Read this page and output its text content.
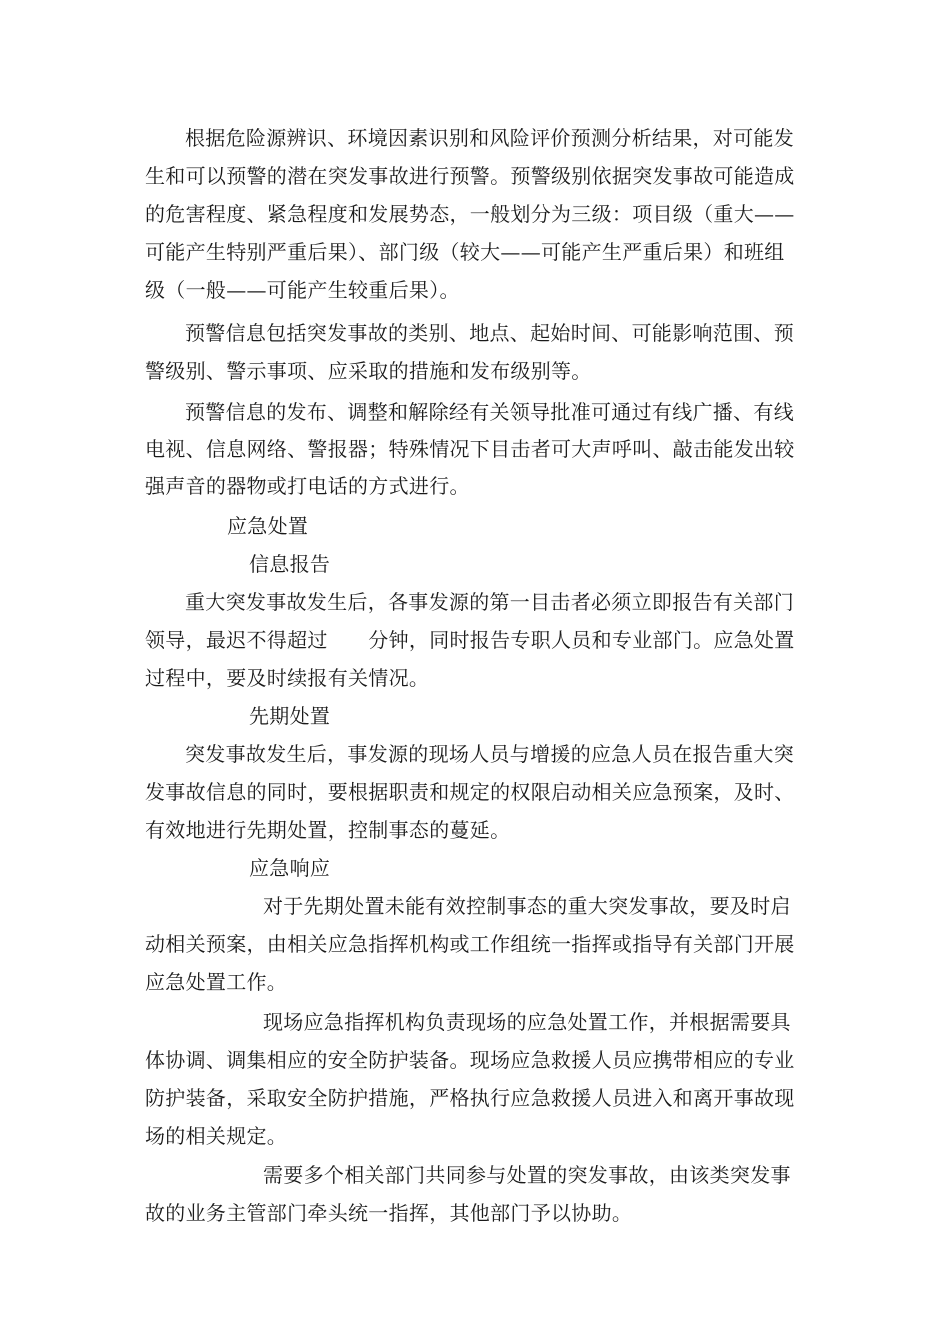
根据危险源辨识、环境因素识别和风险评价预测分析结果，对可能发
生和可以预警的潜在突发事故进行预警。预警级别依据突发事故可能造成
的危害程度、紧急程度和发展势态，一般划分为三级：项目级（重大——
可能产生特别严重后果）、部门级（较大——可能产生严重后果）和班组
级（一般——可能产生较重后果）。
预警信息包括突发事故的类别、地点、起始时间、可能影响范围、预
警级别、警示事项、应采取的措施和发布级别等。
预警信息的发布、调整和解除经有关领导批准可通过有线广播、有线
电视、信息网络、警报器；特殊情况下目击者可大声呼叫、敲击能发出较
强声音的器物或打电话的方式进行。
应急处置
信息报告
重大突发事故发生后，各事发源的第一目击者必须立即报告有关部门
领导，最迟不得超过　　分钟，同时报告专职人员和专业部门。应急处置
过程中，要及时续报有关情况。
先期处置
突发事故发生后，事发源的现场人员与增援的应急人员在报告重大突
发事故信息的同时，要根据职责和规定的权限启动相关应急预案，及时、
有效地进行先期处置，控制事态的蔓延。
应急响应
对于先期处置未能有效控制事态的重大突发事故，要及时启
动相关预案，由相关应急指挥机构或工作组统一指挥或指导有关部门开展
应急处置工作。
现场应急指挥机构负责现场的应急处置工作，并根据需要具
体协调、调集相应的安全防护装备。现场应急救援人员应携带相应的专业
防护装备，采取安全防护措施，严格执行应急救援人员进入和离开事故现
场的相关规定。
需要多个相关部门共同参与处置的突发事故，由该类突发事
故的业务主管部门牵头统一指挥，其他部门予以协助。
